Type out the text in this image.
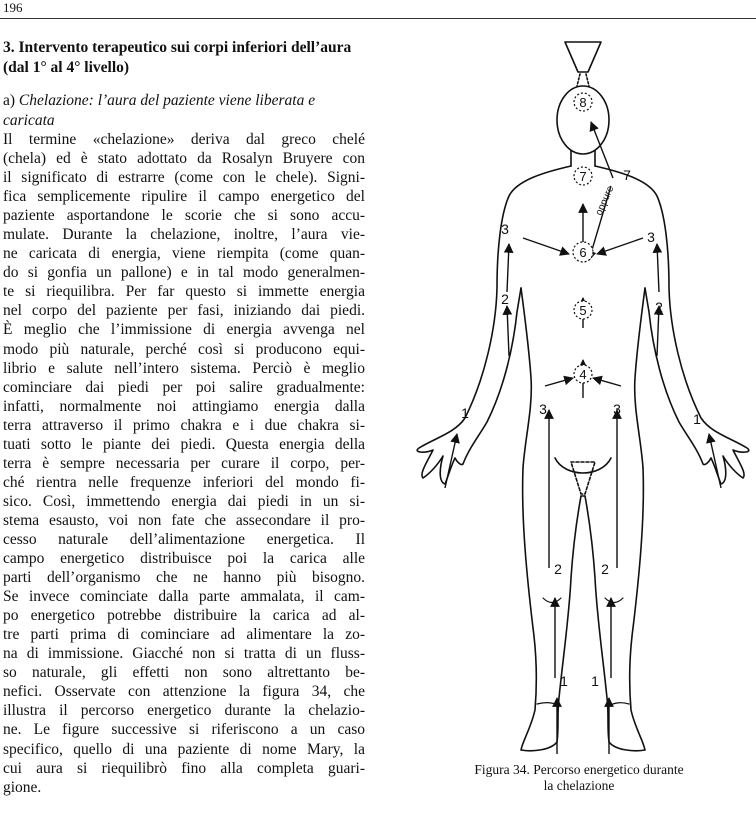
196
3. Intervento terapeutico sui corpi inferiori dell’aura (dal 1° al 4° livello)

a) Chelazione: l’aura del paziente viene liberata e caricata

Il termine «chelazione» deriva dal greco chelé
(chela) ed è stato adottato da Rosalyn Bruyere con
il significato di estrarre (come con le chele). Signi-
fica semplicemente ripulire il campo energetico del
paziente asportandone le scorie che si sono accu-
mulate. Durante la chelazione, inoltre, l’aura vie-
ne caricata di energia, viene riempita (come quan-
do si gonfia un pallone) e in tal modo generalmen-
te si riequilibra. Per far questo si immette energia
nel corpo del paziente per fasi, iniziando dai piedi.
È meglio che l’immissione di energia avvenga nel
modo più naturale, perché così si producono equi-
librio e salute nell’intero sistema. Perciò è meglio
cominciare dai piedi per poi salire gradualmente:
infatti, normalmente noi attingiamo energia dalla
terra attraverso il primo chakra e i due chakra si-
tuati sotto le piante dei piedi. Questa energia della
terra è sempre necessaria per curare il corpo, per-
ché rientra nelle frequenze inferiori del mondo fi-
sico. Così, immettendo energia dai piedi in un si-
stema esausto, voi non fate che assecondare il pro-
cesso naturale dell’alimentazione energetica. Il
campo energetico distribuisce poi la carica alle
parti dell’organismo che ne hanno più bisogno.
Se invece cominciate dalla parte ammalata, il cam-
po energetico potrebbe distribuire la carica ad al-
tre parti prima di cominciare ad alimentare la zo-
na di immissione. Giacché non si tratta di un fluss-
so naturale, gli effetti non sono altrettanto be-
nefici. Osservate con attenzione la figura 34, che
illustra il percorso energetico durante la chelazio-
ne. Le figure successive si riferiscono a un caso
specifico, quello di una paziente di nome Mary, la
cui aura si riequilibrò fino alla completa guari-
gione.
8
7
6
5
4
7
3
2
1
3
2
1
3	3
2	2
1 1
oppure
Figura 34. Percorso energetico durante
la chelazione
